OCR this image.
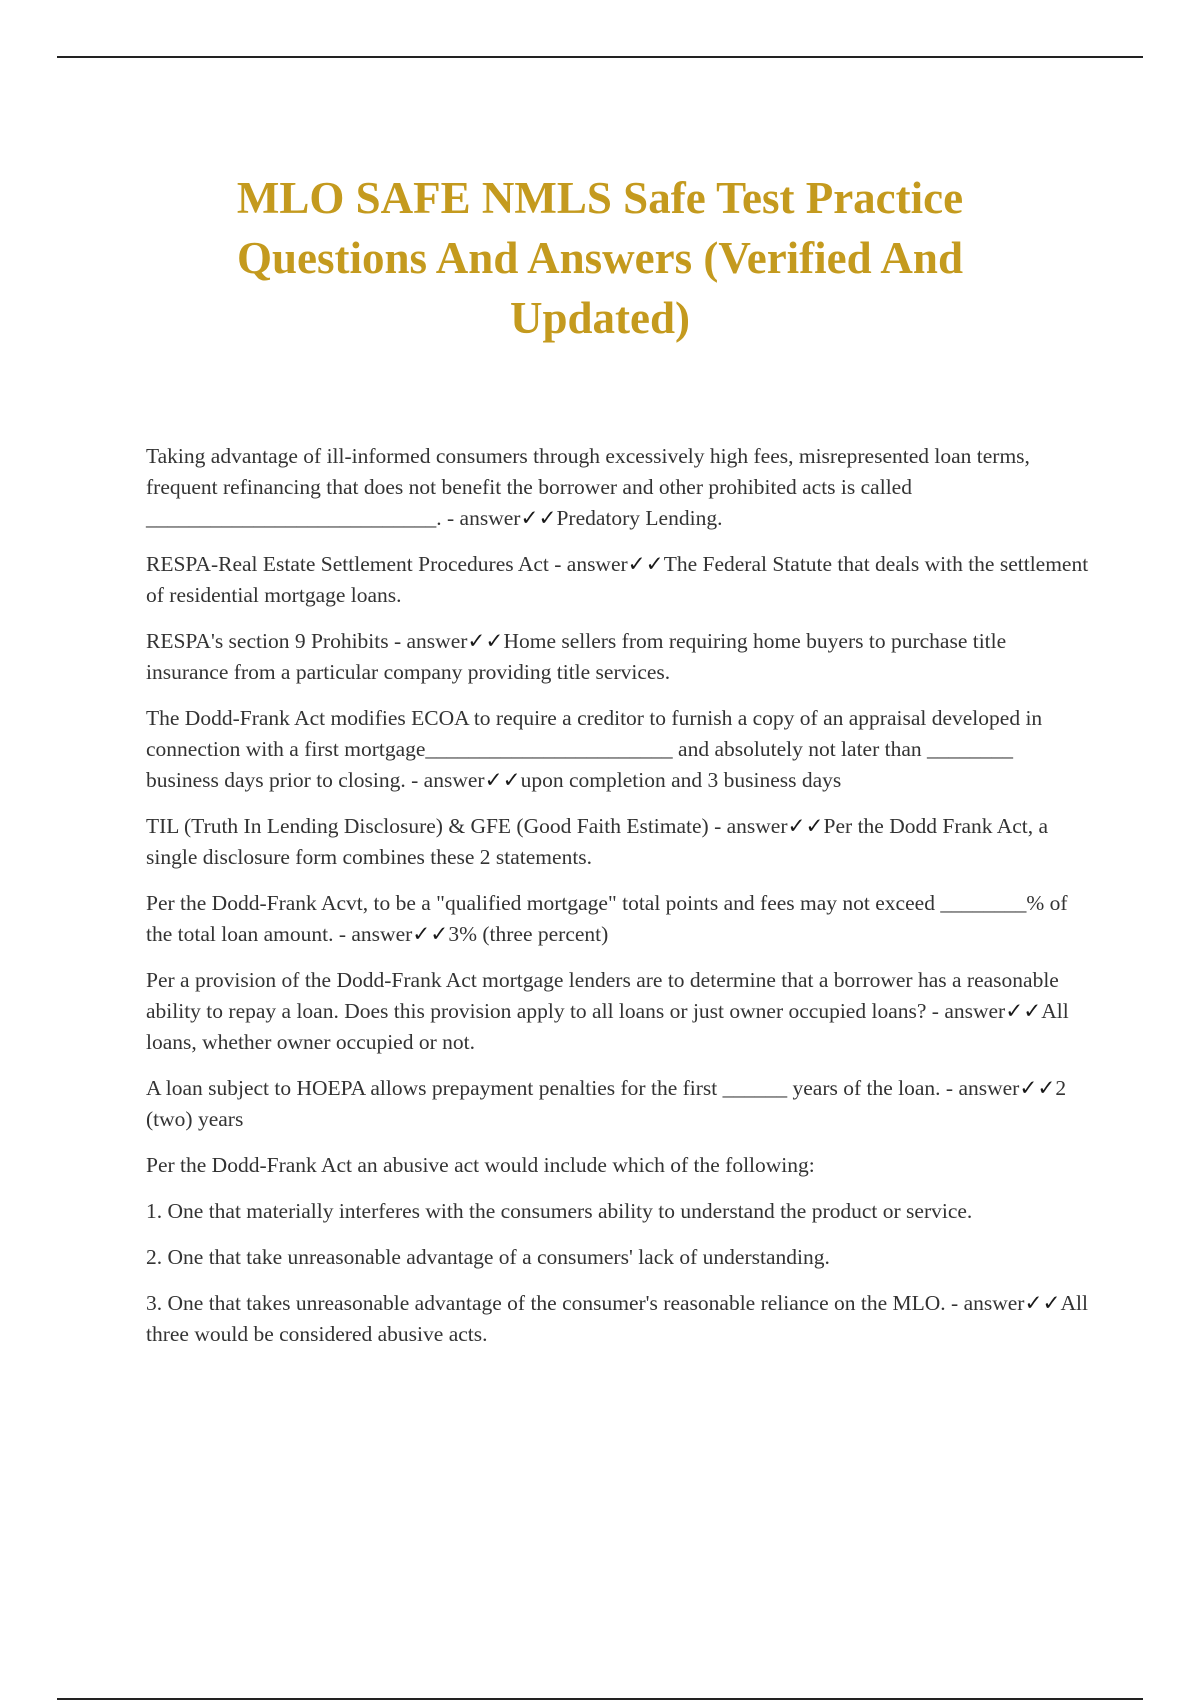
MLO SAFE NMLS Safe Test Practice Questions And Answers (Verified And Updated)

Taking advantage of ill-informed consumers through excessively high fees, misrepresented loan terms, frequent refinancing that does not benefit the borrower and other prohibited acts is called ___________________________. - answer✓✓Predatory Lending.

RESPA-Real Estate Settlement Procedures Act - answer✓✓The Federal Statute that deals with the settlement of residential mortgage loans.

RESPA's section 9 Prohibits - answer✓✓Home sellers from requiring home buyers to purchase title insurance from a particular company providing title services.

The Dodd-Frank Act modifies ECOA to require a creditor to furnish a copy of an appraisal developed in connection with a first mortgage_______________________ and absolutely not later than ________ business days prior to closing. - answer✓✓upon completion and 3 business days

TIL (Truth In Lending Disclosure) & GFE (Good Faith Estimate) - answer✓✓Per the Dodd Frank Act, a single disclosure form combines these 2 statements.

Per the Dodd-Frank Acvt, to be a "qualified mortgage" total points and fees may not exceed ________% of the total loan amount. - answer✓✓3% (three percent)

Per a provision of the Dodd-Frank Act mortgage lenders are to determine that a borrower has a reasonable ability to repay a loan. Does this provision apply to all loans or just owner occupied loans? - answer✓✓All loans, whether owner occupied or not.

A loan subject to HOEPA allows prepayment penalties for the first ______ years of the loan. - answer✓✓2 (two) years

Per the Dodd-Frank Act an abusive act would include which of the following:

1. One that materially interferes with the consumers ability to understand the product or service.

2. One that take unreasonable advantage of a consumers' lack of understanding.

3. One that takes unreasonable advantage of the consumer's reasonable reliance on the MLO. - answer✓✓All three would be considered abusive acts.
